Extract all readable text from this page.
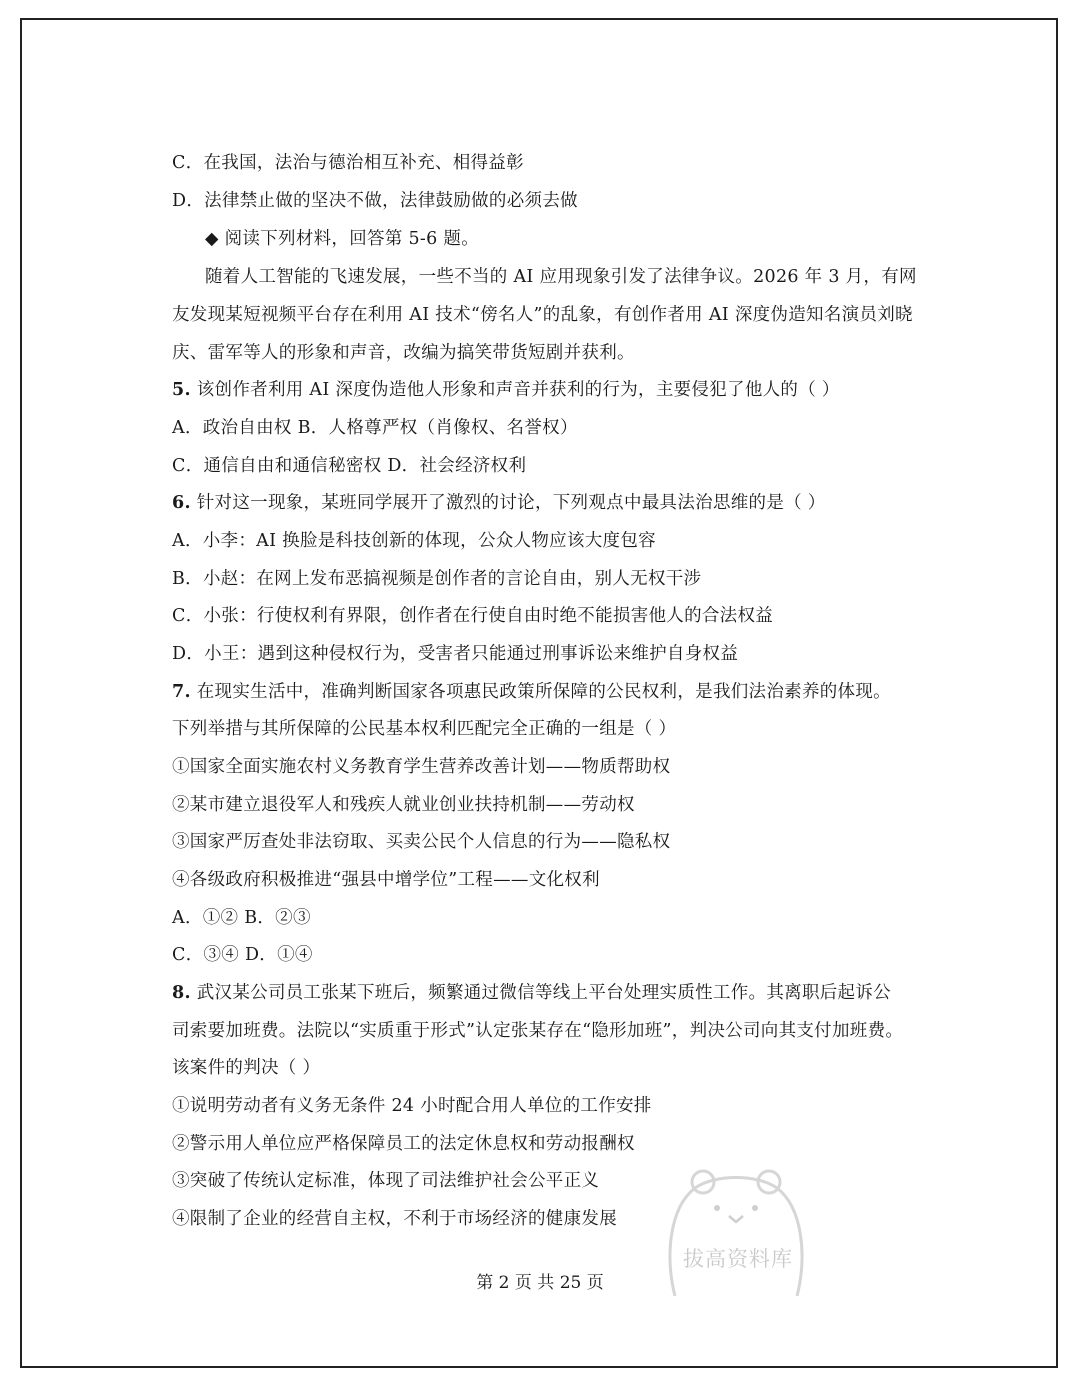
C．在我国，法治与德治相互补充、相得益彰
D．法律禁止做的坚决不做，法律鼓励做的必须去做
◆ 阅读下列材料，回答第 5-6 题。
随着人工智能的飞速发展，一些不当的 AI 应用现象引发了法律争议。2026 年 3 月，有网
友发现某短视频平台存在利用 AI 技术“傍名人”的乱象，有创作者用 AI 深度伪造知名演员刘晓
庆、雷军等人的形象和声音，改编为搞笑带货短剧并获利。
5. 该创作者利用 AI 深度伪造他人形象和声音并获利的行为，主要侵犯了他人的（ ）
A．政治自由权 B．人格尊严权（肖像权、名誉权）
C．通信自由和通信秘密权 D．社会经济权利
6. 针对这一现象，某班同学展开了激烈的讨论，下列观点中最具法治思维的是（ ）
A．小李：AI 换脸是科技创新的体现，公众人物应该大度包容
B．小赵：在网上发布恶搞视频是创作者的言论自由，别人无权干涉
C．小张：行使权利有界限，创作者在行使自由时绝不能损害他人的合法权益
D．小王：遇到这种侵权行为，受害者只能通过刑事诉讼来维护自身权益
7. 在现实生活中，准确判断国家各项惠民政策所保障的公民权利，是我们法治素养的体现。
下列举措与其所保障的公民基本权利匹配完全正确的一组是（ ）
①国家全面实施农村义务教育学生营养改善计划——物质帮助权
②某市建立退役军人和残疾人就业创业扶持机制——劳动权
③国家严厉查处非法窃取、买卖公民个人信息的行为——隐私权
④各级政府积极推进“强县中增学位”工程——文化权利
A．①② B．②③
C．③④ D．①④
8. 武汉某公司员工张某下班后，频繁通过微信等线上平台处理实质性工作。其离职后起诉公
司索要加班费。法院以“实质重于形式”认定张某存在“隐形加班”，判决公司向其支付加班费。
该案件的判决（ ）
①说明劳动者有义务无条件 24 小时配合用人单位的工作安排
②警示用人单位应严格保障员工的法定休息权和劳动报酬权
③突破了传统认定标准，体现了司法维护社会公平正义
④限制了企业的经营自主权，不利于市场经济的健康发展
拔高资料库
第 2 页 共 25 页
